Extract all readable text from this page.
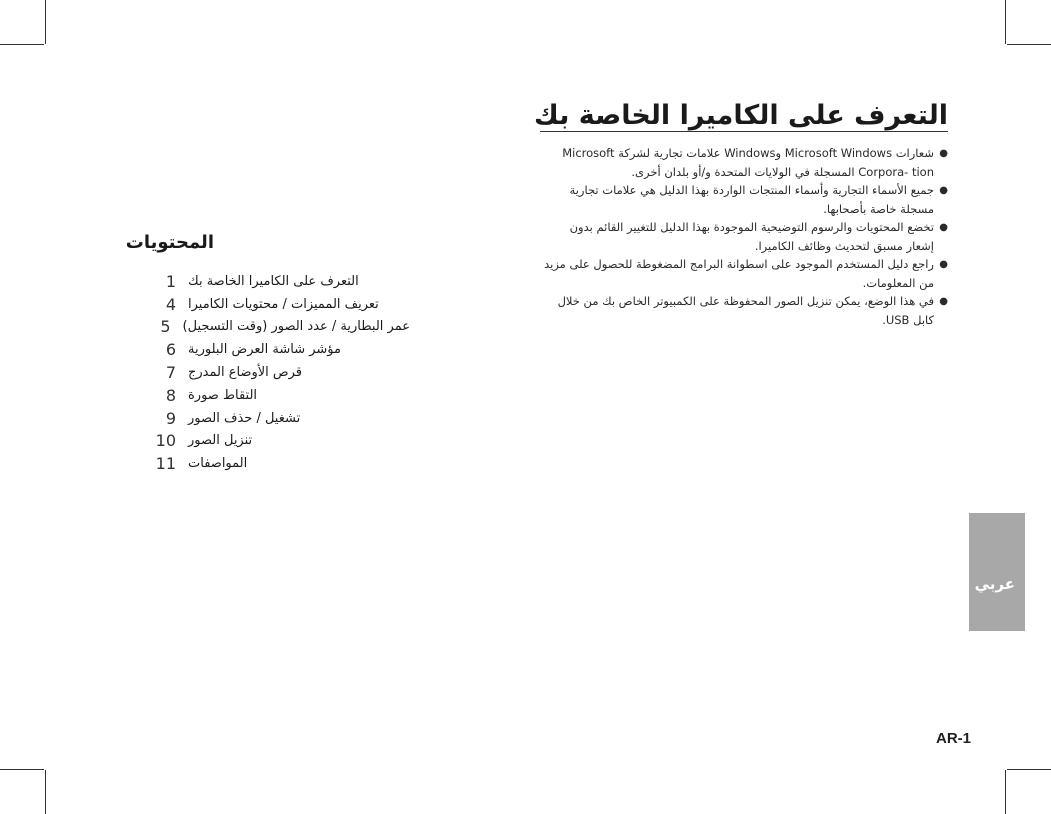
التعرف على الكاميرا الخاصة بك
●
شعارات Microsoft Windows وWindows علامات تجارية لشركة Microsoft Corpora- tion المسجلة في الولايات المتحدة و/أو بلدان أخرى.
●
جميع الأسماء التجارية وأسماء المنتجات الواردة بهذا الدليل هي علامات تجارية مسجلة خاصة بأصحابها.
●
تخضع المحتويات والرسوم التوضيحية الموجودة بهذا الدليل للتغيير القائم بدون إشعار مسبق لتحديث وظائف الكاميرا.
●
راجع دليل المستخدم الموجود على اسطوانة البرامج المضغوطة للحصول على مزيد من المعلومات.
●
في هذا الوضع، يمكن تنزيل الصور المحفوظة على الكمبيوتر الخاص بك من خلال كابل USB.
المحتويات
1 التعرف على الكاميرا الخاصة بك
4 تعريف المميزات / محتويات الكاميرا
5 عمر البطارية / عدد الصور (وقت التسجيل)
6 مؤشر شاشة العرض البلورية
7 قرص الأوضاع المدرج
8 التقاط صورة
9 تشغيل / حذف الصور
10 تنزيل الصور
11 المواصفات
عربي
AR-1
